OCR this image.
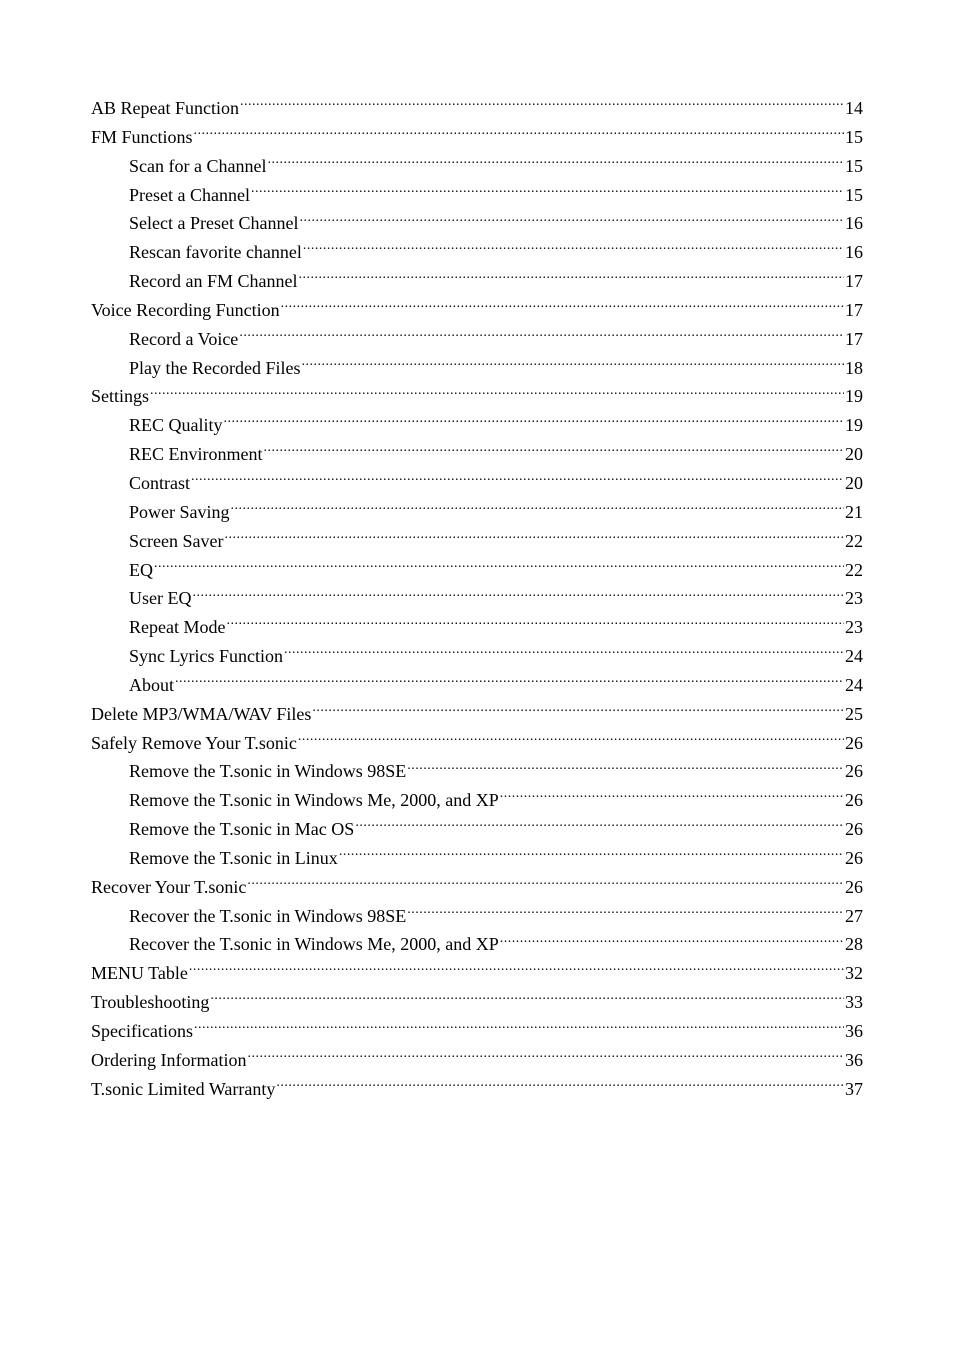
AB Repeat Function .....	14
FM Functions .....	15
Scan for a Channel .....	15
Preset a Channel .....	15
Select a Preset Channel .....	16
Rescan favorite channel .....	16
Record an FM Channel .....	17
Voice Recording Function .....	17
Record a Voice .....	17
Play the Recorded Files .....	18
Settings .....	19
REC Quality .....	19
REC Environment .....	20
Contrast .....	20
Power Saving .....	21
Screen Saver .....	22
EQ .....	22
User EQ .....	23
Repeat Mode .....	23
Sync Lyrics Function .....	24
About .....	24
Delete MP3/WMA/WAV Files .....	25
Safely Remove Your T.sonic .....	26
Remove the T.sonic in Windows 98SE .....	26
Remove the T.sonic in Windows Me, 2000, and XP .....	26
Remove the T.sonic in Mac OS .....	26
Remove the T.sonic in Linux .....	26
Recover Your T.sonic .....	26
Recover the T.sonic in Windows 98SE .....	27
Recover the T.sonic in Windows Me, 2000, and XP .....	28
MENU Table .....	32
Troubleshooting .....	33
Specifications .....	36
Ordering Information .....	36
T.sonic Limited Warranty .....	37
